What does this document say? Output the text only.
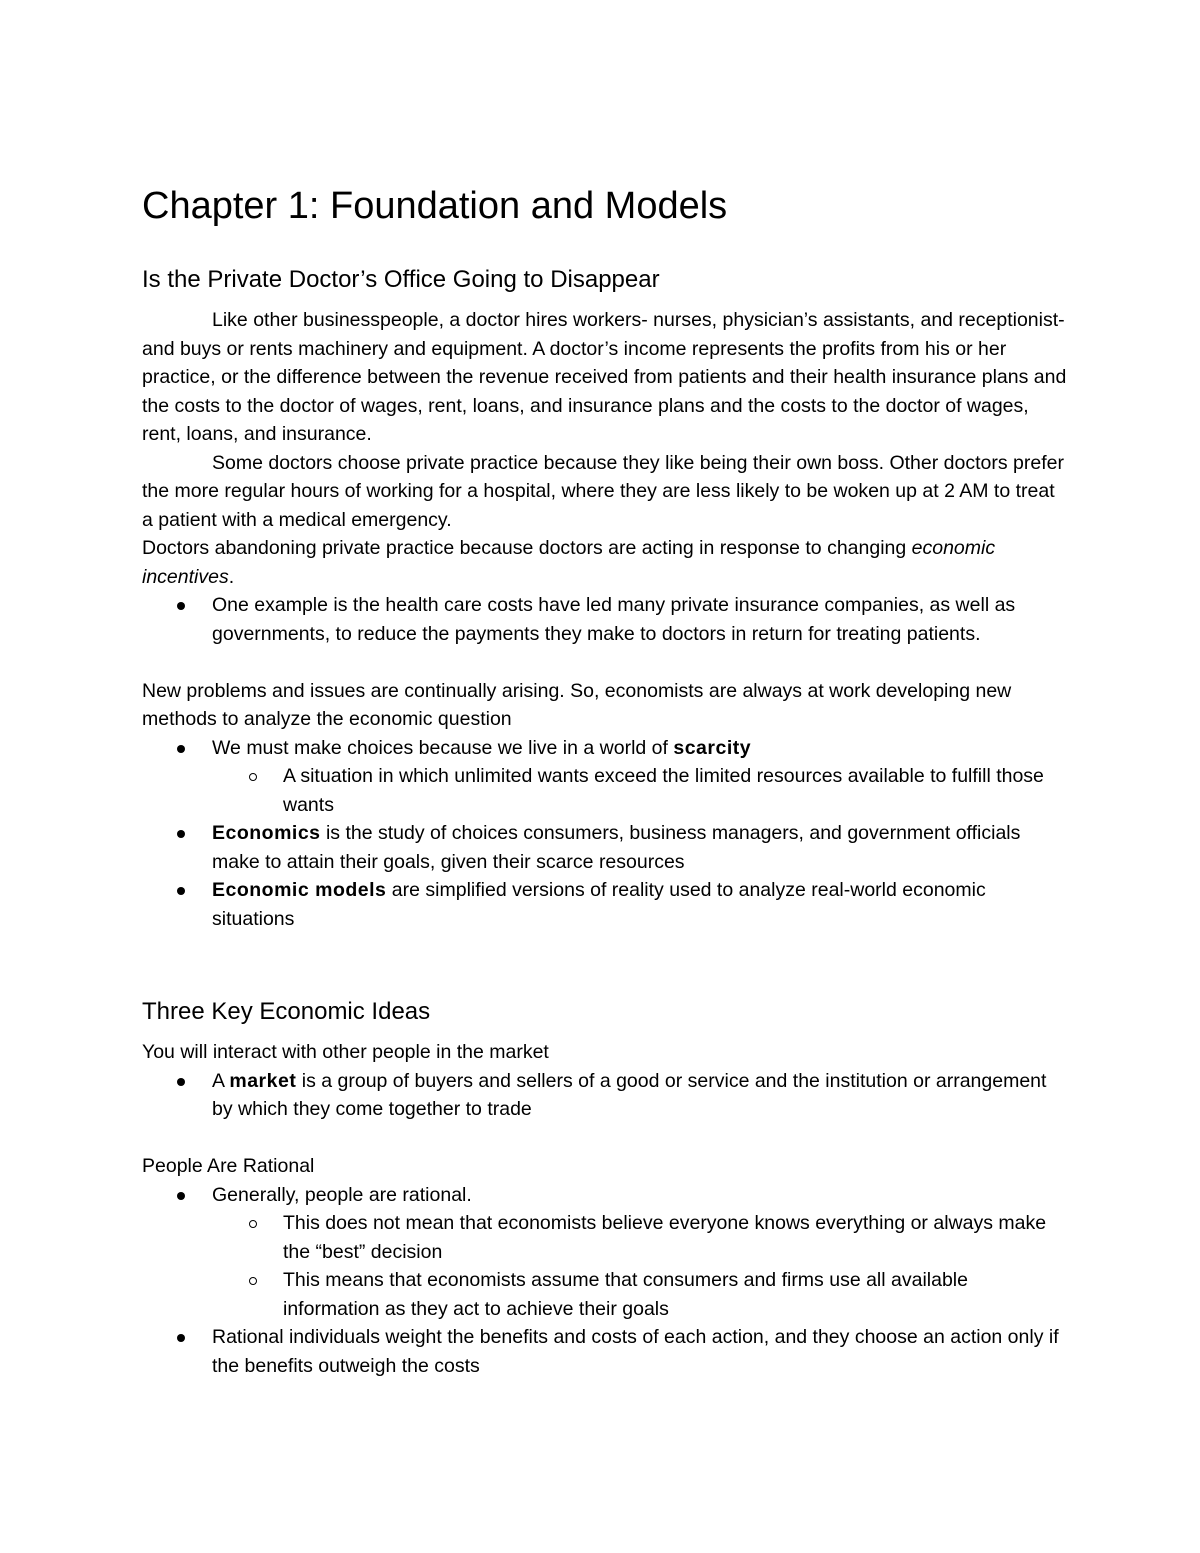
Chapter 1: Foundation and Models
Is the Private Doctor’s Office Going to Disappear

Like other businesspeople, a doctor hires workers- nurses, physician’s assistants, and receptionist-and buys or rents machinery and equipment. A doctor’s income represents the profits from his or her practice, or the difference between the revenue received from patients and their health insurance plans and the costs to the doctor of wages, rent, loans, and insurance plans and the costs to the doctor of wages, rent, loans, and insurance.

Some doctors choose private practice because they like being their own boss. Other doctors prefer the more regular hours of working for a hospital, where they are less likely to be woken up at 2 AM to treat a patient with a medical emergency.

Doctors abandoning private practice because doctors are acting in response to changing economic incentives.

One example is the health care costs have led many private insurance companies, as well as governments, to reduce the payments they make to doctors in return for treating patients.

New problems and issues are continually arising. So, economists are always at work developing new methods to analyze the economic question

We must make choices because we live in a world of scarcity
A situation in which unlimited wants exceed the limited resources available to fulfill those wants
Economics is the study of choices consumers, business managers, and government officials make to attain their goals, given their scarce resources
Economic models are simplified versions of reality used to analyze real-world economic situations
Three Key Economic Ideas

You will interact with other people in the market

A market is a group of buyers and sellers of a good or service and the institution or arrangement by which they come together to trade

People Are Rational

Generally, people are rational.
This does not mean that economists believe everyone knows everything or always make the “best” decision
This means that economists assume that consumers and firms use all available information as they act to achieve their goals
Rational individuals weight the benefits and costs of each action, and they choose an action only if the benefits outweigh the costs
